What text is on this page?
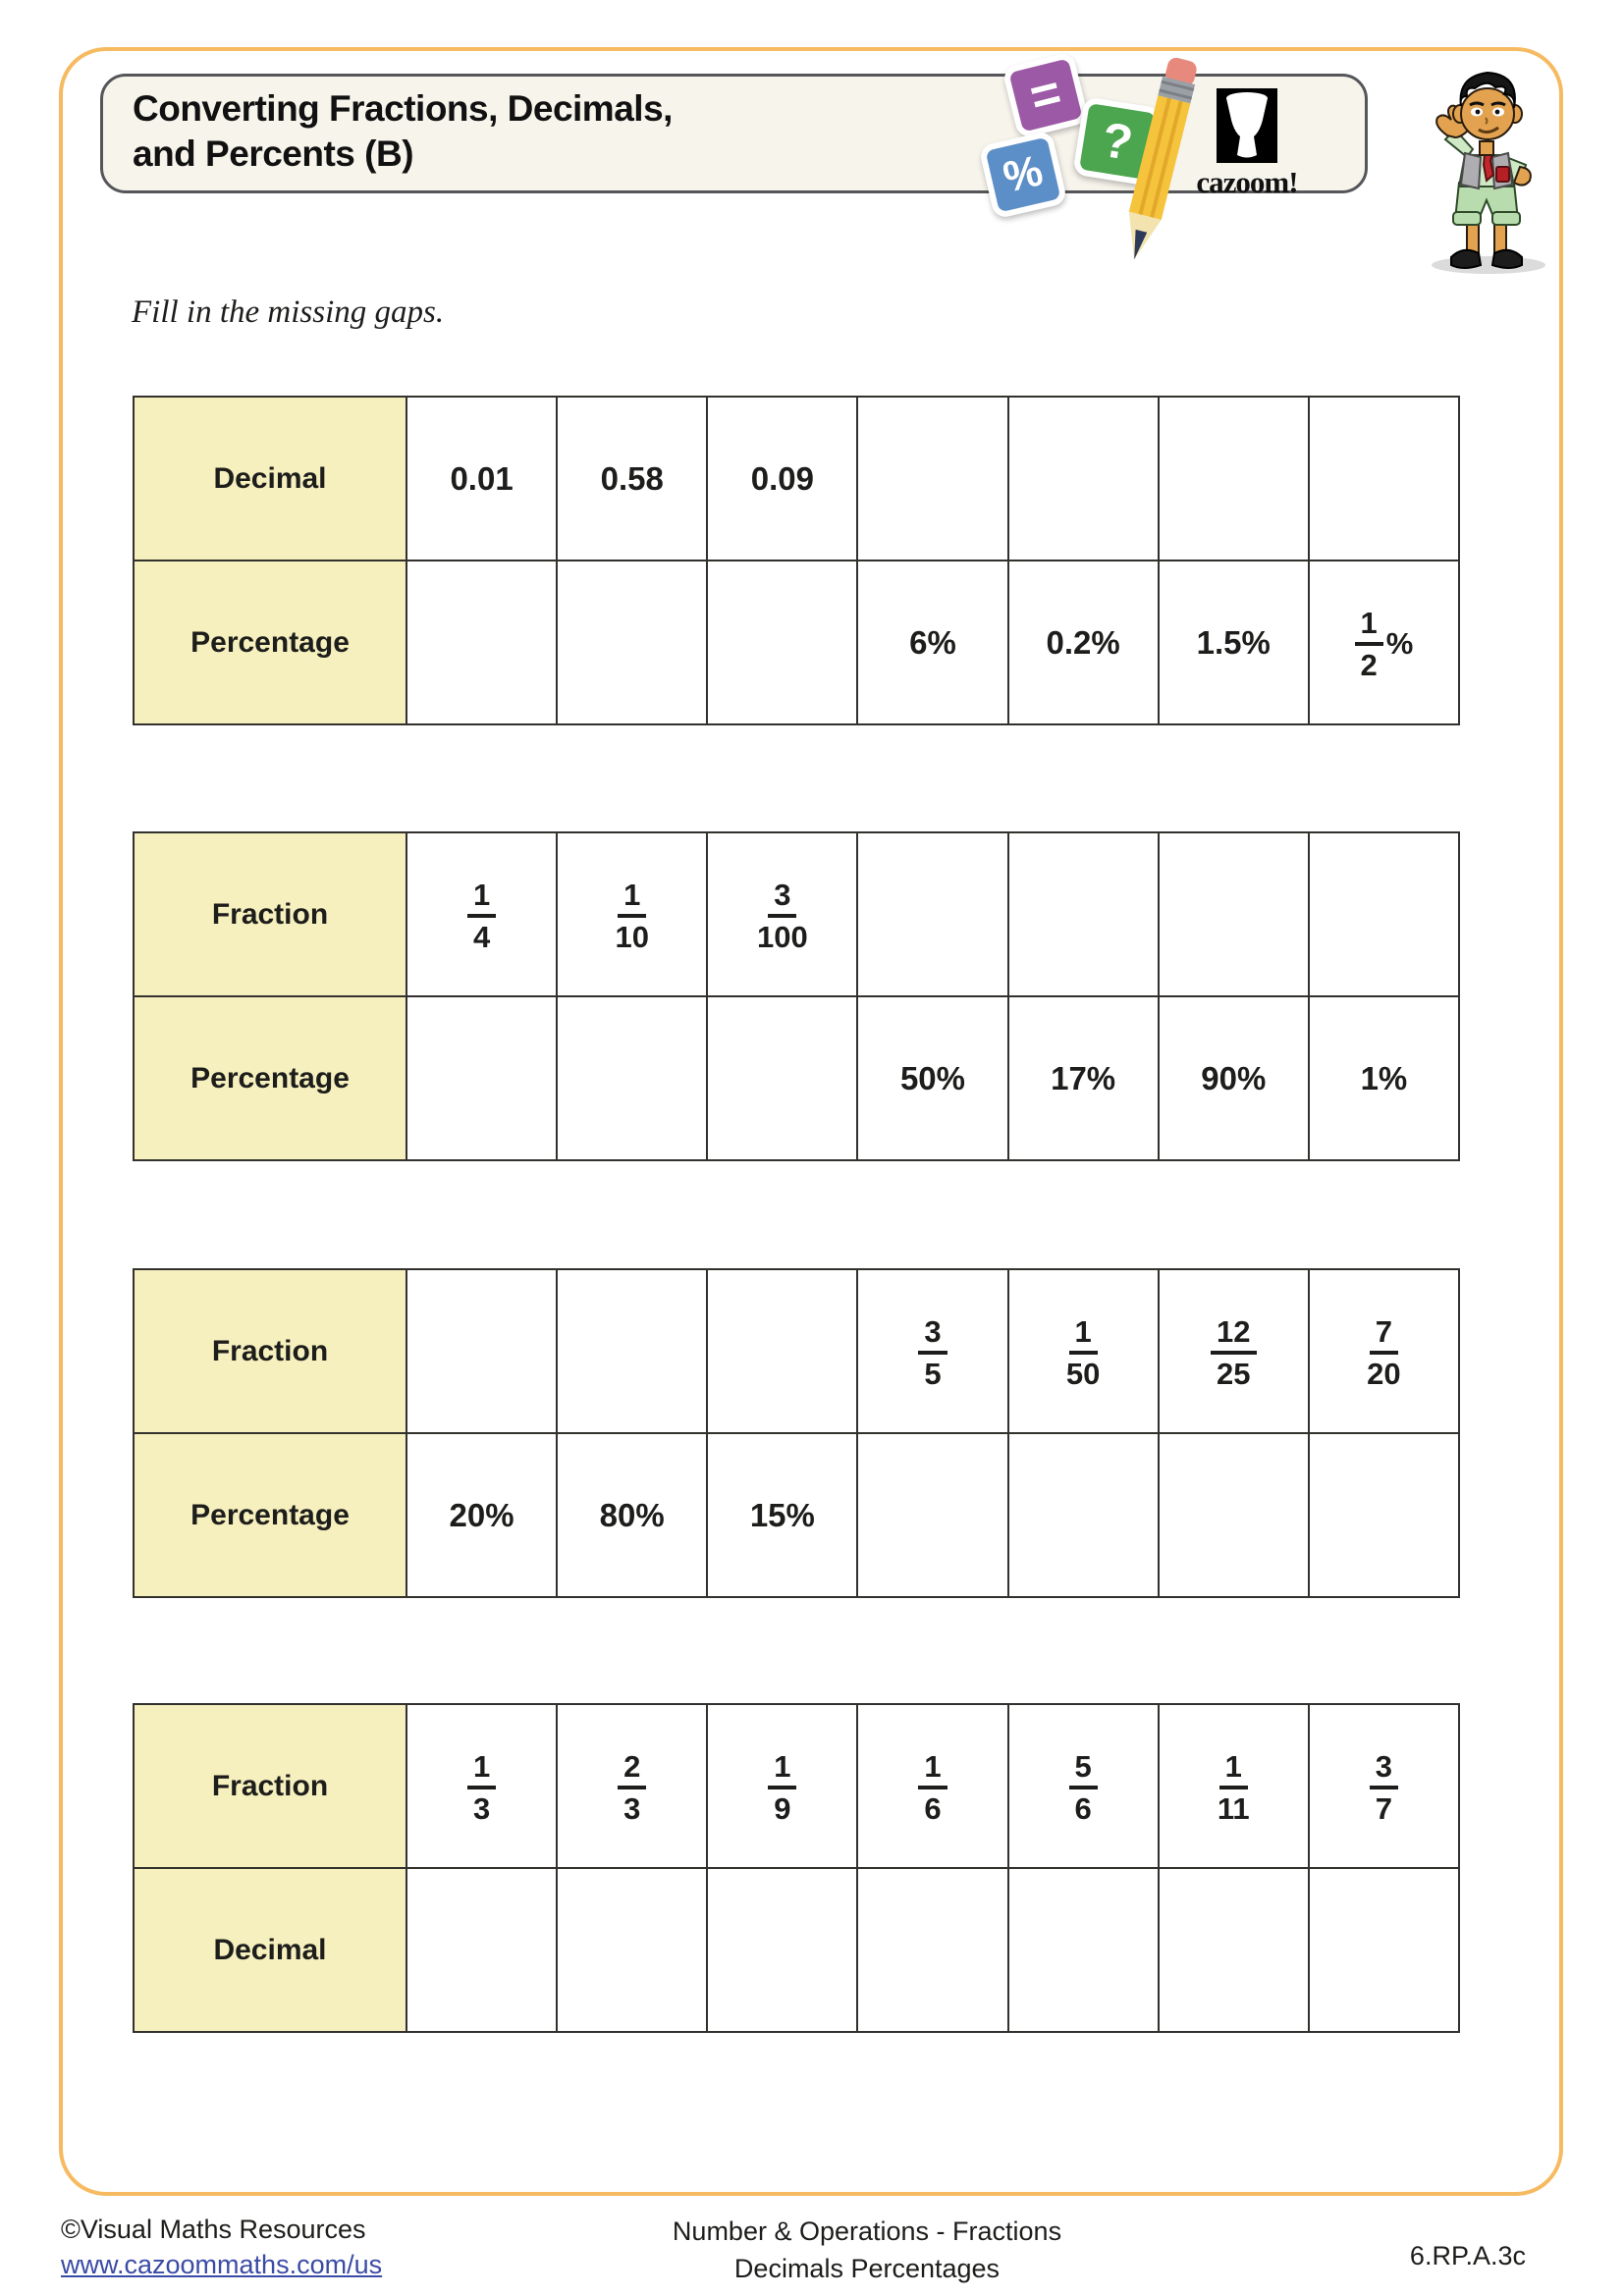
Converting Fractions, Decimals,
and Percents (B)
cazoom!
=
%
?
Fill in the missing gaps.
Decimal	0.01	0.58	0.09				
Percentage				6%	0.2%	1.5%	$\frac{1}{2}$ %
Fraction	$\frac{1}{4}$	$\frac{1}{10}$	$\frac{3}{100}$

Percentage				50%	17%	90%	1%
Fraction				$\frac{3}{5}$	$\frac{1}{50}$	$\frac{12}{25}$	$\frac{7}{20}$

Percentage	20%	80%	15%				
Fraction	$\frac{1}{3}$	$\frac{2}{3}$	$\frac{1}{9}$	$\frac{1}{6}$	$\frac{5}{6}$	$\frac{1}{11}$	$\frac{3}{7}$

Decimal							
©Visual Maths Resources
www.cazoommaths.com/us
Number & Operations - Fractions
Decimals Percentages	6.RP.A.3c
